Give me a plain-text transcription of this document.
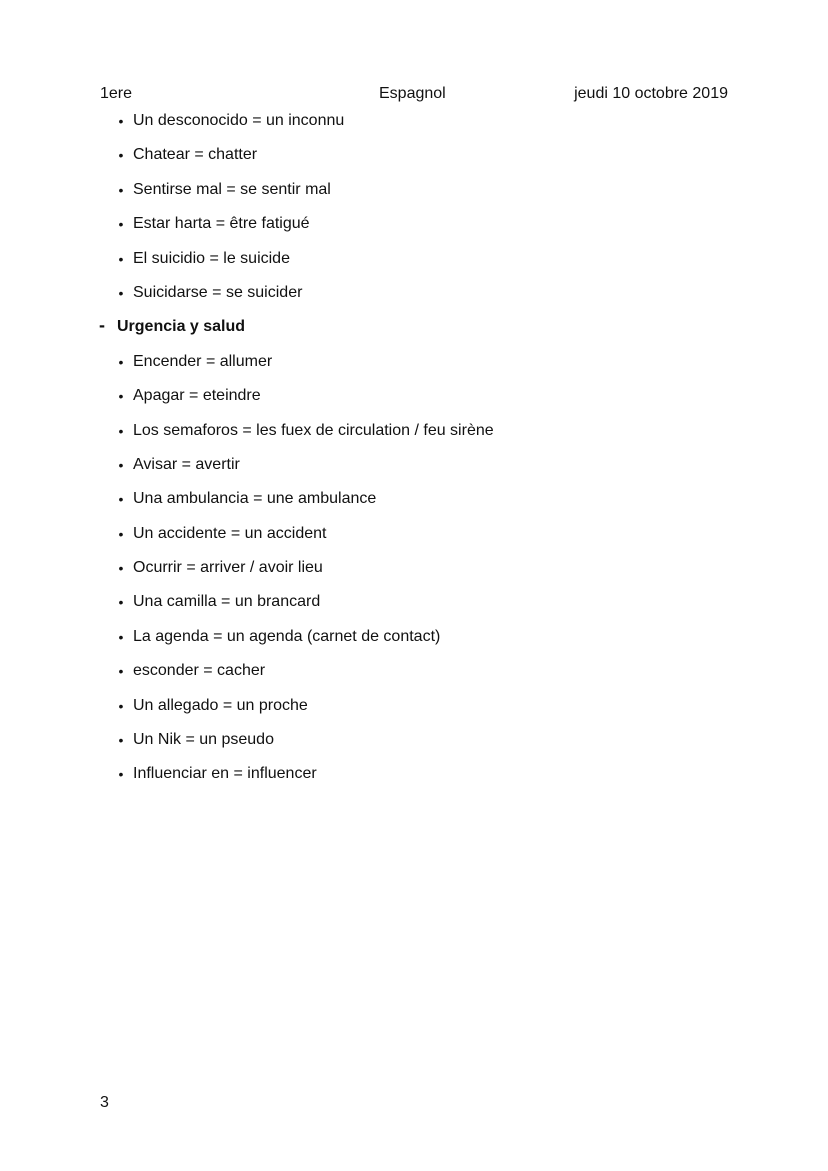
1ere	Espagnol	jeudi 10 octobre 2019
• Un desconocido = un inconnu
• Chatear = chatter
• Sentirse mal = se sentir mal
• Estar harta = être fatigué
• El suicidio = le suicide
• Suicidarse = se suicider
- Urgencia y salud
• Encender = allumer
• Apagar = eteindre
• Los semaforos = les fuex de circulation / feu sirène
• Avisar = avertir
• Una ambulancia = une ambulance
• Un accidente = un accident
• Ocurrir = arriver / avoir lieu
• Una camilla = un brancard
• La agenda = un agenda (carnet de contact)
• esconder = cacher
• Un allegado = un proche
• Un Nik = un pseudo
• Influenciar en = influencer
3
